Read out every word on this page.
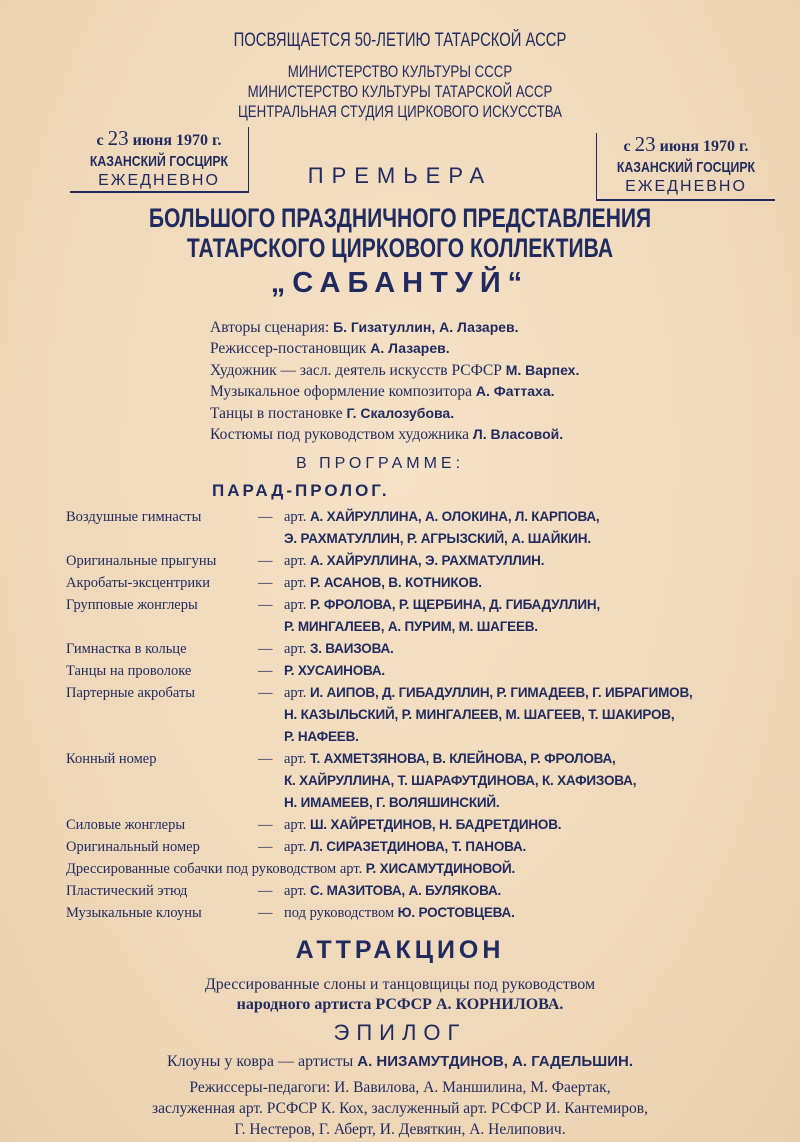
ПОСВЯЩАЕТСЯ 50-ЛЕТИЮ ТАТАРСКОЙ АССР
МИНИСТЕРСТВО КУЛЬТУРЫ СССР
МИНИСТЕРСТВО КУЛЬТУРЫ ТАТАРСКОЙ АССР
ЦЕНТРАЛЬНАЯ СТУДИЯ ЦИРКОВОГО ИСКУССТВА
с 23 июня 1970 г.
КАЗАНСКИЙ ГОСЦИРК
ЕЖЕДНЕВНО
с 23 июня 1970 г.
КАЗАНСКИЙ ГОСЦИРК
ЕЖЕДНЕВНО
ПРЕМЬЕРА
БОЛЬШОГО ПРАЗДНИЧНОГО ПРЕДСТАВЛЕНИЯ
ТАТАРСКОГО ЦИРКОВОГО КОЛЛЕКТИВА
„САБАНТУЙ“
Авторы сценария: Б. Гизатуллин, А. Лазарев.
Режиссер-постановщик А. Лазарев.
Художник — засл. деятель искусств РСФСР М. Варпех.
Музыкальное оформление композитора А. Фаттаха.
Танцы в постановке Г. Скалозубова.
Костюмы под руководством художника Л. Власовой.
В ПРОГРАММЕ:
ПАРАД-ПРОЛОГ.
Воздушные гимнасты	— арт. А. ХАЙРУЛЛИНА, А. ОЛОКИНА, Л. КАРПОВА,
Э. РАХМАТУЛЛИН, Р. АГРЫЗСКИЙ, А. ШАЙКИН.
Оригинальные прыгуны	— арт. А. ХАЙРУЛЛИНА, Э. РАХМАТУЛЛИН.
Акробаты-эксцентрики	— арт. Р. АСАНОВ, В. КОТНИКОВ.
Групповые жонглеры	— арт. Р. ФРОЛОВА, Р. ЩЕРБИНА, Д. ГИБАДУЛЛИН,
Р. МИНГАЛЕЕВ, А. ПУРИМ, М. ШАГЕЕВ.
Гимнастка в кольце	— арт. З. ВАИЗОВА.
Танцы на проволоке	— Р. ХУСАИНОВА.
Партерные акробаты	— арт. И. АИПОВ, Д. ГИБАДУЛЛИН, Р. ГИМАДЕЕВ, Г. ИБРАГИМОВ,
Н. КАЗЫЛЬСКИЙ, Р. МИНГАЛЕЕВ, М. ШАГЕЕВ, Т. ШАКИРОВ,
Р. НАФЕЕВ.
Конный номер	— арт. Т. АХМЕТЗЯНОВА, В. КЛЕЙНОВА, Р. ФРОЛОВА,
К. ХАЙРУЛЛИНА, Т. ШАРАФУТДИНОВА, К. ХАФИЗОВА,
Н. ИМАМЕЕВ, Г. ВОЛЯШИНСКИЙ.
Силовые жонглеры	— арт. Ш. ХАЙРЕТДИНОВ, Н. БАДРЕТДИНОВ.
Оригинальный номер	— арт. Л. СИРАЗЕТДИНОВА, Т. ПАНОВА.
Дрессированные собачки под руководством арт. Р. ХИСАМУТДИНОВОЙ.
Пластический этюд	— арт. С. МАЗИТОВА, А. БУЛЯКОВА.
Музыкальные клоуны	— под руководством Ю. РОСТОВЦЕВА.
АТТРАКЦИОН
Дрессированные слоны и танцовщицы под руководством
народного артиста РСФСР А. КОРНИЛОВА.
ЭПИЛОГ
Клоуны у ковра — артисты А. НИЗАМУТДИНОВ, А. ГАДЕЛЬШИН.
Режиссеры-педагоги: И. Вавилова, А. Маншилина, М. Фаертак,
заслуженная арт. РСФСР К. Кох, заслуженный арт. РСФСР И. Кантемиров,
Г. Нестеров, Г. Аберт, И. Девяткин, А. Нелипович.
